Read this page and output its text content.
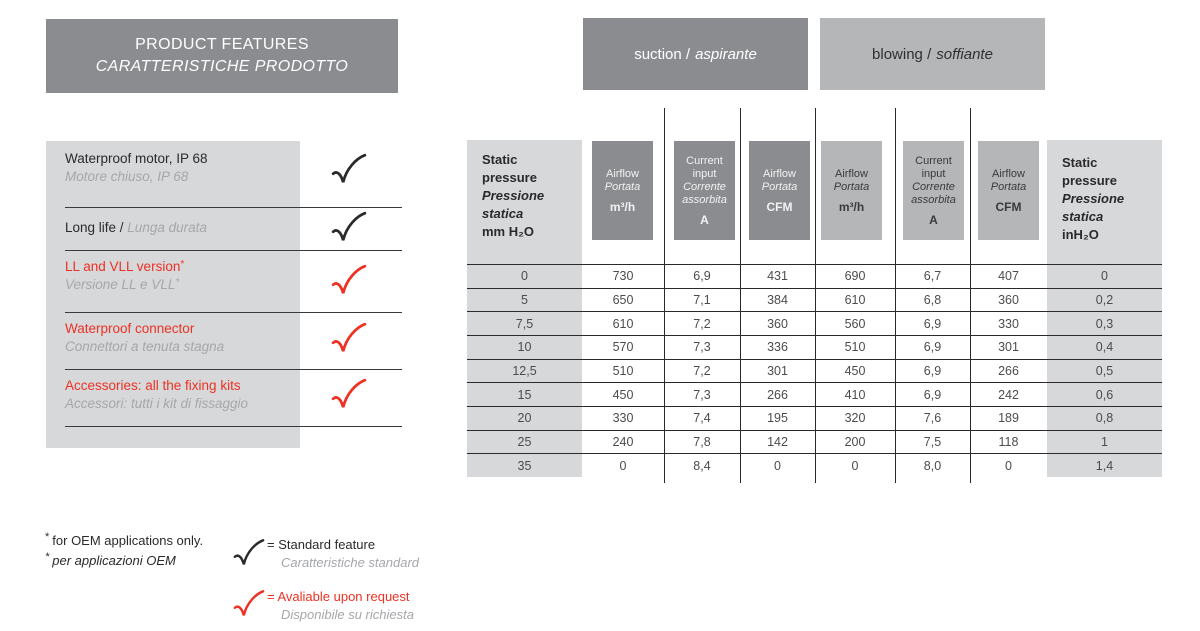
PRODUCT FEATURES
CARATTERISTICHE PRODOTTO
Waterproof motor, IP 68
Motore chiuso, IP 68
Long life / Lunga durata
LL and VLL version*
Versione LL e VLL*
Waterproof connector
Connettori a tenuta stagna
Accessories: all the fixing kits
Accessori: tutti i kit di fissaggio
suction / aspirante	blowing / soffiante
Static
pressure
Pressione
statica
mm H₂O
Static
pressure
Pressione
statica
inH₂O
Airflow
Portata
m³/h
Current input
Corrente assorbita
A
Airflow
Portata
CFM
Airflow
Portata
m³/h
Current input
Corrente assorbita
A
Airflow
Portata
CFM
0	730	6,9	431	690	6,7	407	0
5	650	7,1	384	610	6,8	360	0,2
7,5	610	7,2	360	560	6,9	330	0,3
10	570	7,3	336	510	6,9	301	0,4
12,5	510	7,2	301	450	6,9	266	0,5
15	450	7,3	266	410	6,9	242	0,6
20	330	7,4	195	320	7,6	189	0,8
25	240	7,8	142	200	7,5	118	1
35	0	8,4	0	0	8,0	0	1,4
* for OEM applications only.
* per applicazioni OEM
= Standard feature
Caratteristiche standard
= Avaliable upon request
Disponibile su richiesta
